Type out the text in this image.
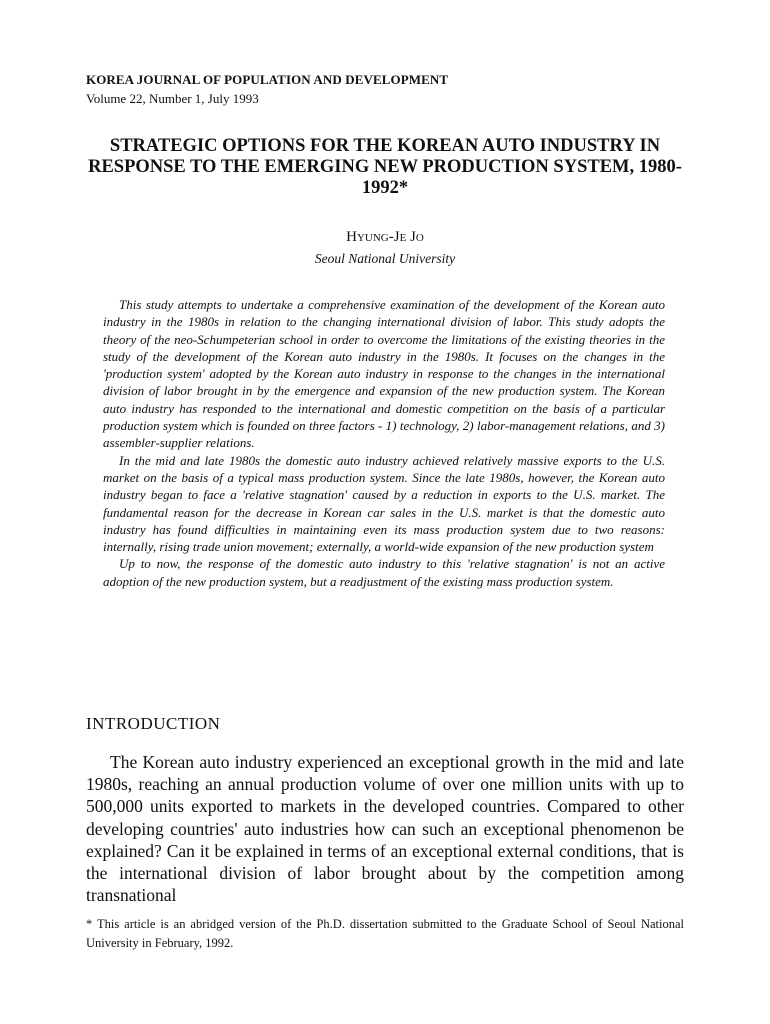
KOREA JOURNAL OF POPULATION AND DEVELOPMENT
Volume 22, Number 1, July 1993
STRATEGIC OPTIONS FOR THE KOREAN AUTO INDUSTRY IN RESPONSE TO THE EMERGING NEW PRODUCTION SYSTEM, 1980-1992*
Hyung-Je Jo
Seoul National University

This study attempts to undertake a comprehensive examination of the development of the Korean auto industry in the 1980s in relation to the changing international division of labor. This study adopts the theory of the neo-Schumpeterian school in order to overcome the limitations of the existing theories in the study of the development of the Korean auto industry in the 1980s. It focuses on the changes in the 'production system' adopted by the Korean auto industry in response to the changes in the international division of labor brought in by the emergence and expansion of the new production system. The Korean auto industry has responded to the international and domestic competition on the basis of a particular production system which is founded on three factors - 1) technology, 2) labor-management relations, and 3) assembler-supplier relations.

In the mid and late 1980s the domestic auto industry achieved relatively massive exports to the U.S. market on the basis of a typical mass production system. Since the late 1980s, however, the Korean auto industry began to face a 'relative stagnation' caused by a reduction in exports to the U.S. market. The fundamental reason for the decrease in Korean car sales in the U.S. market is that the domestic auto industry has found difficulties in maintaining even its mass production system due to two reasons: internally, rising trade union movement; externally, a world-wide expansion of the new production system

Up to now, the response of the domestic auto industry to this 'relative stagnation' is not an active adoption of the new production system, but a readjustment of the existing mass production system.

INTRODUCTION

The Korean auto industry experienced an exceptional growth in the mid and late 1980s, reaching an annual production volume of over one million units with up to 500,000 units exported to markets in the developed countries. Compared to other developing countries' auto industries how can such an exceptional phenomenon be explained? Can it be explained in terms of an exceptional external conditions, that is the international division of labor brought about by the competition among transnational

* This article is an abridged version of the Ph.D. dissertation submitted to the Graduate School of Seoul National University in February, 1992.
